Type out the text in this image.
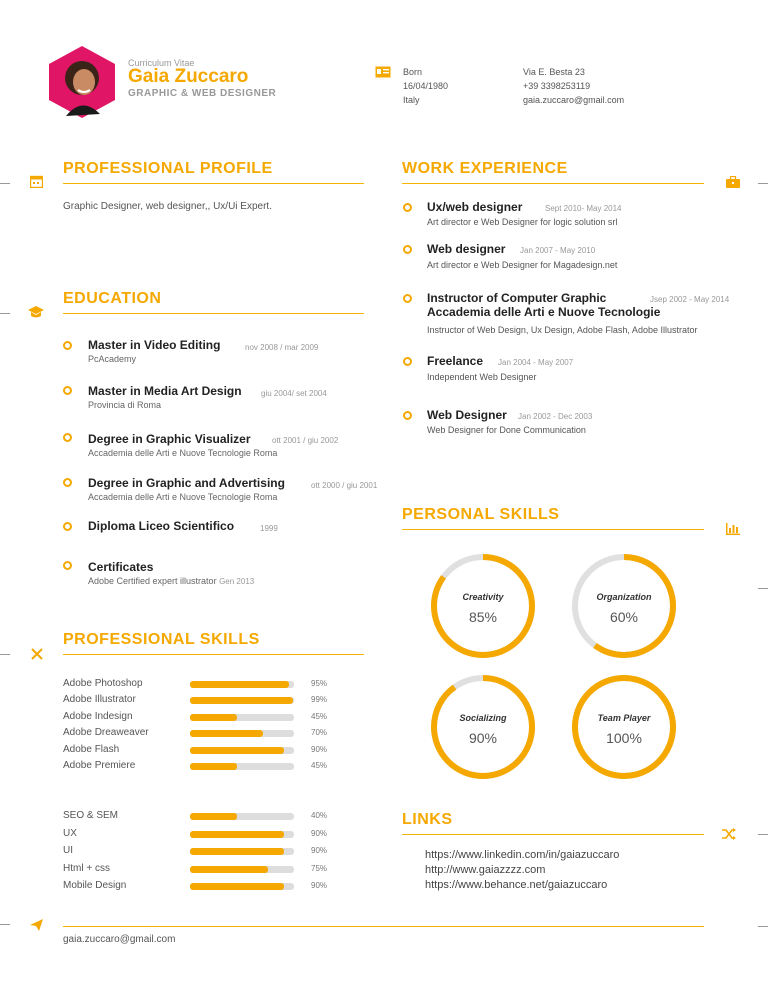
Curriculum Vitae
Gaia Zuccaro
GRAPHIC & WEB DESIGNER
Born
16/04/1980
Italy
Via E. Besta 23
+39 3398253119
gaia.zuccaro@gmail.com
PROFESSIONAL PROFILE
Graphic Designer, web designer,, Ux/Ui Expert.
EDUCATION
Master in Video Editing	nov 2008 / mar 2009
PcAcademy
Master in Media Art Design giu 2004/ set 2004
Provincia di Roma
Degree in Graphic Visualizer	ott 2001 / giu 2002
Accademia delle Arti e Nuove Tecnologie Roma
Degree in Graphic and Advertising	ott 2000 / giu 2001
Accademia delle Arti e Nuove Tecnologie Roma
Diploma Liceo Scientifico	1999
Certificates
Adobe Certified expert illustrator Gen 2013
PROFESSIONAL SKILLS
Adobe Photoshop	95%
Adobe Illustrator	99%
Adobe Indesign	45%
Adobe Dreaweaver	70%
Adobe Flash	90%
Adobe Premiere	45%
SEO & SEM	40%
UX	90%
UI	90%
Html + css	75%
Mobile Design	90%
WORK EXPERIENCE
Ux/web designer	Sept 2010- May 2014
Art director e Web Designer for logic solution srl
Web designer Jan 2007 - May 2010
Art director e Web Designer for Magadesign.net
Instructor of Computer Graphic
Accademia delle Arti e Nuove Tecnologie
Jsep 2002 - May 2014
Instructor of Web Design, Ux Design, Adobe Flash, Adobe Illustrator
Freelance Jan 2004 - May 2007
Independent Web Designer
Web Designer Jan 2002 - Dec 2003
Web Designer for Done Communication
PERSONAL SKILLS
Creativity
85%
Organization
60%
Socializing
90%
Team Player
100%
LINKS
https://www.linkedin.com/in/gaiazuccaro
http://www.gaiazzzz.com
https://www.behance.net/gaiazuccaro
gaia.zuccaro@gmail.com
